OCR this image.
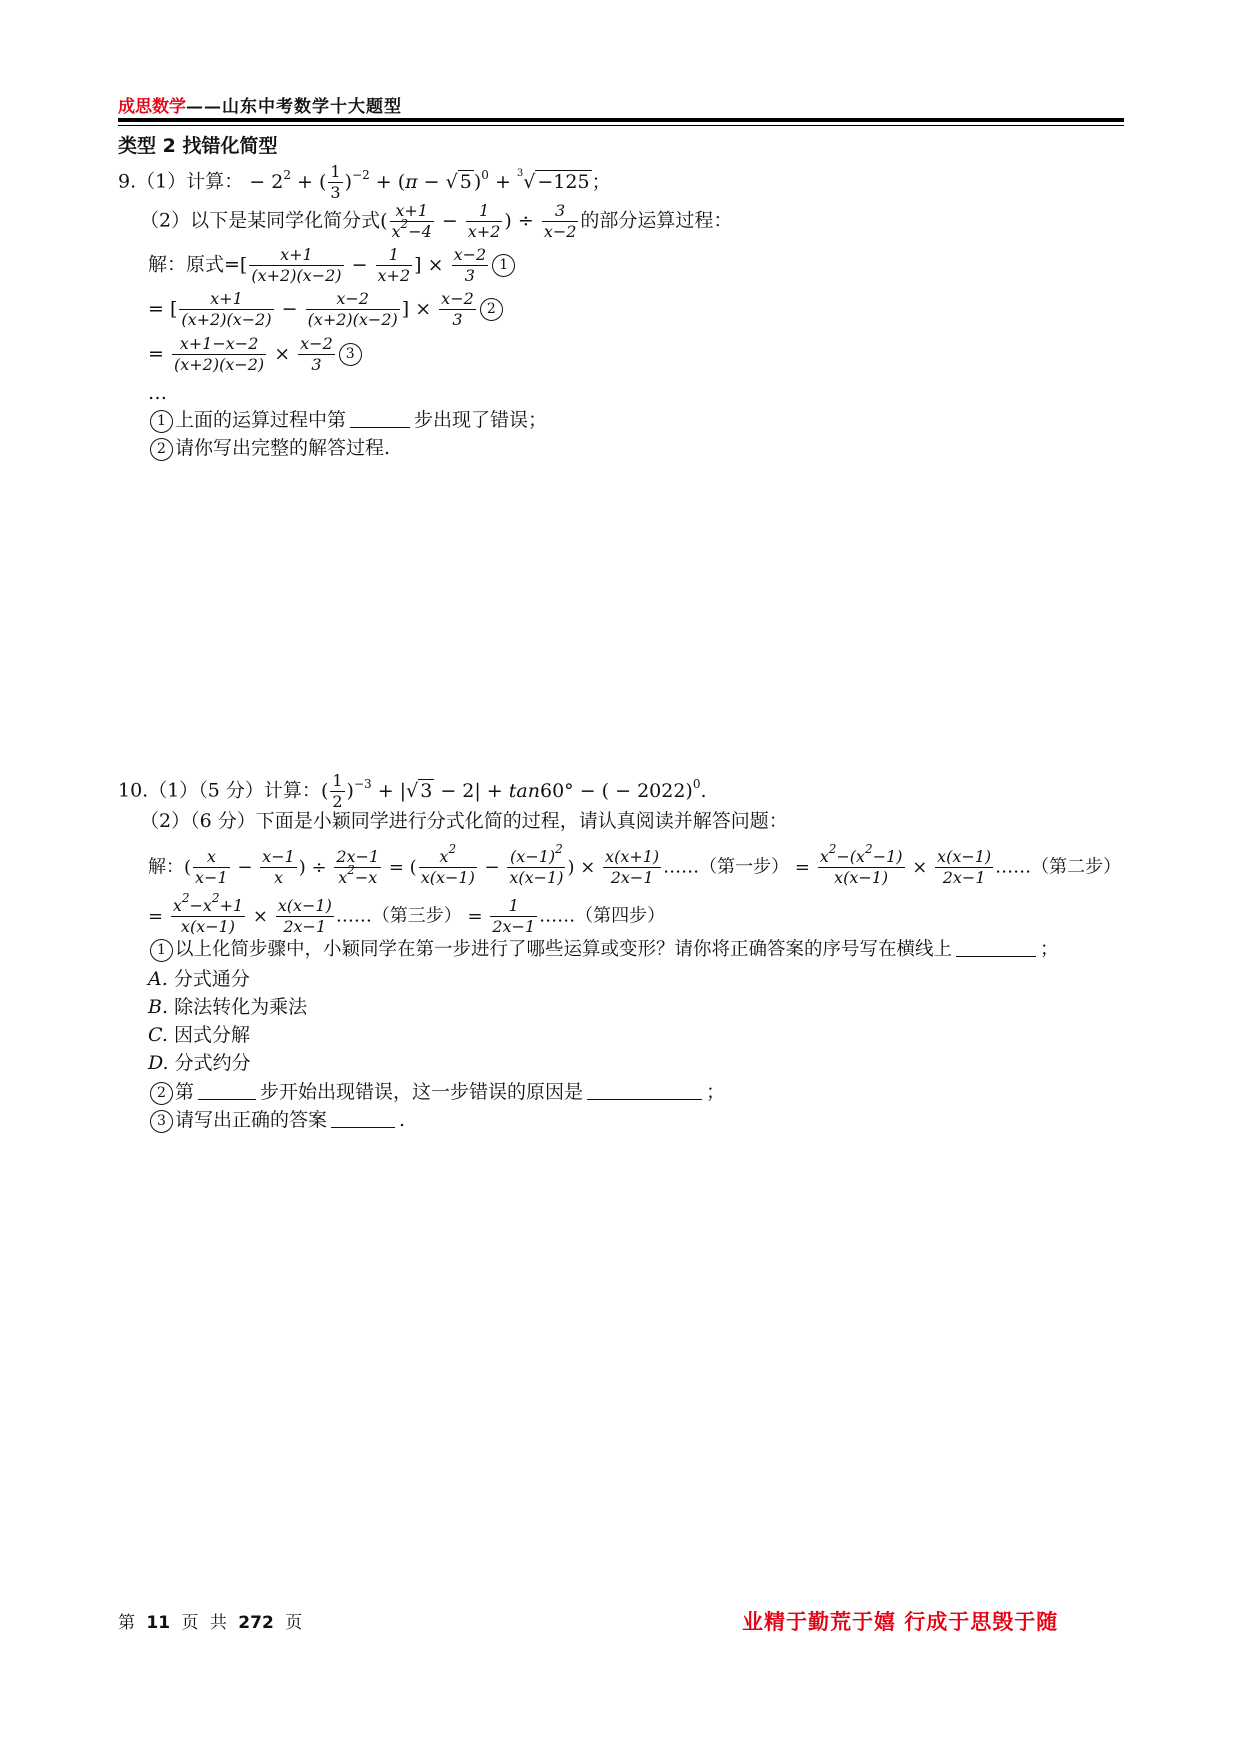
成思数学——山东中考数学十大题型
类型 2 找错化简型
9.（1）计算： − $2^2$ + ( $\frac{1}{3} )^{-2} + (\pi$ − √ 5 )$^0$ + $^3$√ −125 ；
（2）以下是某同学化简分式( $\frac{x+1}{x^2-4} - \frac{1}{x+2}$ ) ÷ $\frac{3}{x-2}$ 的部分运算过程：
解：原式=[ $\frac{x+1}{(x+2)(x-2)} - \frac{1}{x+2}$ ] × $\frac{x-2}{3} 1$
= [ $\frac{x+1}{(x+2)(x-2)} - \frac{x-2}{(x+2)(x-2)}$ ] × $\frac{x-2}{3} 2$
= $\frac{x+1-x-2}{(x+2)(x-2)} \times \frac{x-2}{3} 3$
…
1 上面的运算过程中第	步出现了错误；
2 请你写出完整的解答过程.
10.（1）（5 分）计算：( $\frac{1}{2} )^{-3}$ + |√ 3 − 2| + tan60° − ( − 2022)$^0$.
（2）（6 分）下面是小颖同学进行分式化简的过程，请认真阅读并解答问题：
解：( $\frac{x}{x-1} - \frac{x-1}{x}$ ) ÷ $\frac{2x-1}{x^2-x}$ = ( $\frac{x^2}{x(x-1)} - \frac{(x-1)^2}{x(x-1)}$ ) × $\frac{x(x+1)}{2x-1}$ ……（第一步） = $\frac{x^2-(x^2-1)}{x(x-1)} \times \frac{x(x-1)}{2x-1}$ ……（第二步）
= $\frac{x^2-x^2+1}{x(x-1)} \times \frac{x(x-1)}{2x-1}$ ……（第三步） = $\frac{1}{2x-1}$ ……（第四步）
1 以上化简步骤中，小颖同学在第一步进行了哪些运算或变形？请你将正确答案的序号写在横线上	；
A. 分式通分
B. 除法转化为乘法
C. 因式分解
D. 分式约分
2 第	步开始出现错误，这一步错误的原因是	；
3 请写出正确的答案	.
第 11 页 共 272 页	业精于勤荒于嬉 行成于思毁于随
